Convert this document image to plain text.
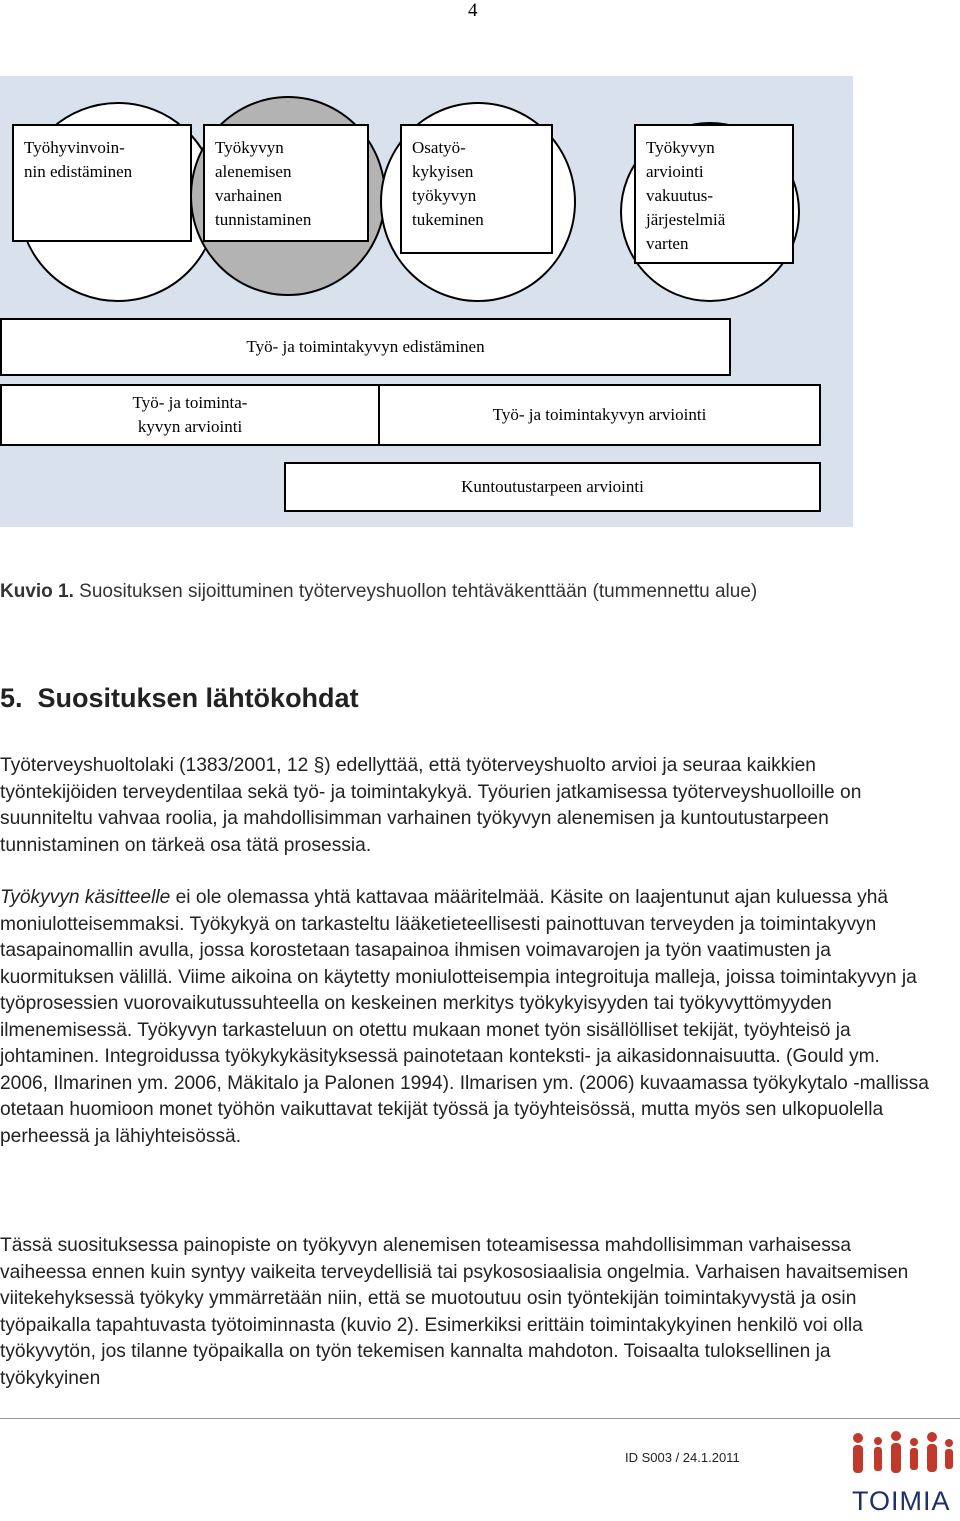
4
Työhyvinvoin-
nin edistäminen
Työkyvyn
alenemisen
varhainen
tunnistaminen
Osatyö-
kykyisen
työkyvyn
tukeminen
Työkyvyn
arviointi
vakuutus-
järjestelmiä
varten
Työ- ja toimintakyvyn edistäminen
Työ- ja toiminta-
kyvyn arviointi
Työ- ja toimintakyvyn arviointi
Kuntoutustarpeen arviointi
Kuvio 1. Suosituksen sijoittuminen työterveyshuollon tehtäväkenttään (tummennettu alue)
5.  Suosituksen lähtökohdat

Työterveyshuoltolaki (1383/2001, 12 §) edellyttää, että työterveyshuolto arvioi ja seuraa kaikkien työntekijöiden terveydentilaa sekä työ- ja toimintakykyä. Työurien jatkamisessa työterveyshuolloille on suunniteltu vahvaa roolia, ja mahdollisimman varhainen työkyvyn alenemisen ja kuntoutustarpeen tunnistaminen on tärkeä osa tätä prosessia.

Työkyvyn käsitteelle ei ole olemassa yhtä kattavaa määritelmää. Käsite on laajentunut ajan kuluessa yhä moniulotteisemmaksi. Työkykyä on tarkasteltu lääketieteellisesti painottuvan terveyden ja toimintakyvyn tasapainomallin avulla, jossa korostetaan tasapainoa ihmisen voimavarojen ja työn vaatimusten ja kuormituksen välillä. Viime aikoina on käytetty moniulotteisempia integroituja malleja, joissa toimintakyvyn ja työprosessien vuorovaikutussuhteella on keskeinen merkitys työkykyisyyden tai työkyvyttömyyden ilmenemisessä. Työkyvyn tarkasteluun on otettu mukaan monet työn sisällölliset tekijät, työyhteisö ja johtaminen. Integroidussa työkykykäsityksessä painotetaan konteksti- ja aikasidonnaisuutta. (Gould ym. 2006, Ilmarinen ym. 2006, Mäkitalo ja Palonen 1994). Ilmarisen ym. (2006) kuvaamassa työkykytalo -mallissa otetaan huomioon monet työhön vaikuttavat tekijät työssä ja työyhteisössä, mutta myös sen ulkopuolella perheessä ja lähiyhteisössä.

Tässä suosituksessa painopiste on työkyvyn alenemisen toteamisessa mahdollisimman varhaisessa vaiheessa ennen kuin syntyy vaikeita terveydellisiä tai psykososiaalisia ongelmia. Varhaisen havaitsemisen viitekehyksessä työkyky ymmärretään niin, että se muotoutuu osin työntekijän toimintakyvystä ja osin työpaikalla tapahtuvasta työtoiminnasta (kuvio 2). Esimerkiksi erittäin toimintakykyinen henkilö voi olla työkyvytön, jos tilanne työpaikalla on työn tekemisen kannalta mahdoton. Toisaalta tuloksellinen ja työkykyinen

ID S003 / 24.1.2011
TOIMIA
